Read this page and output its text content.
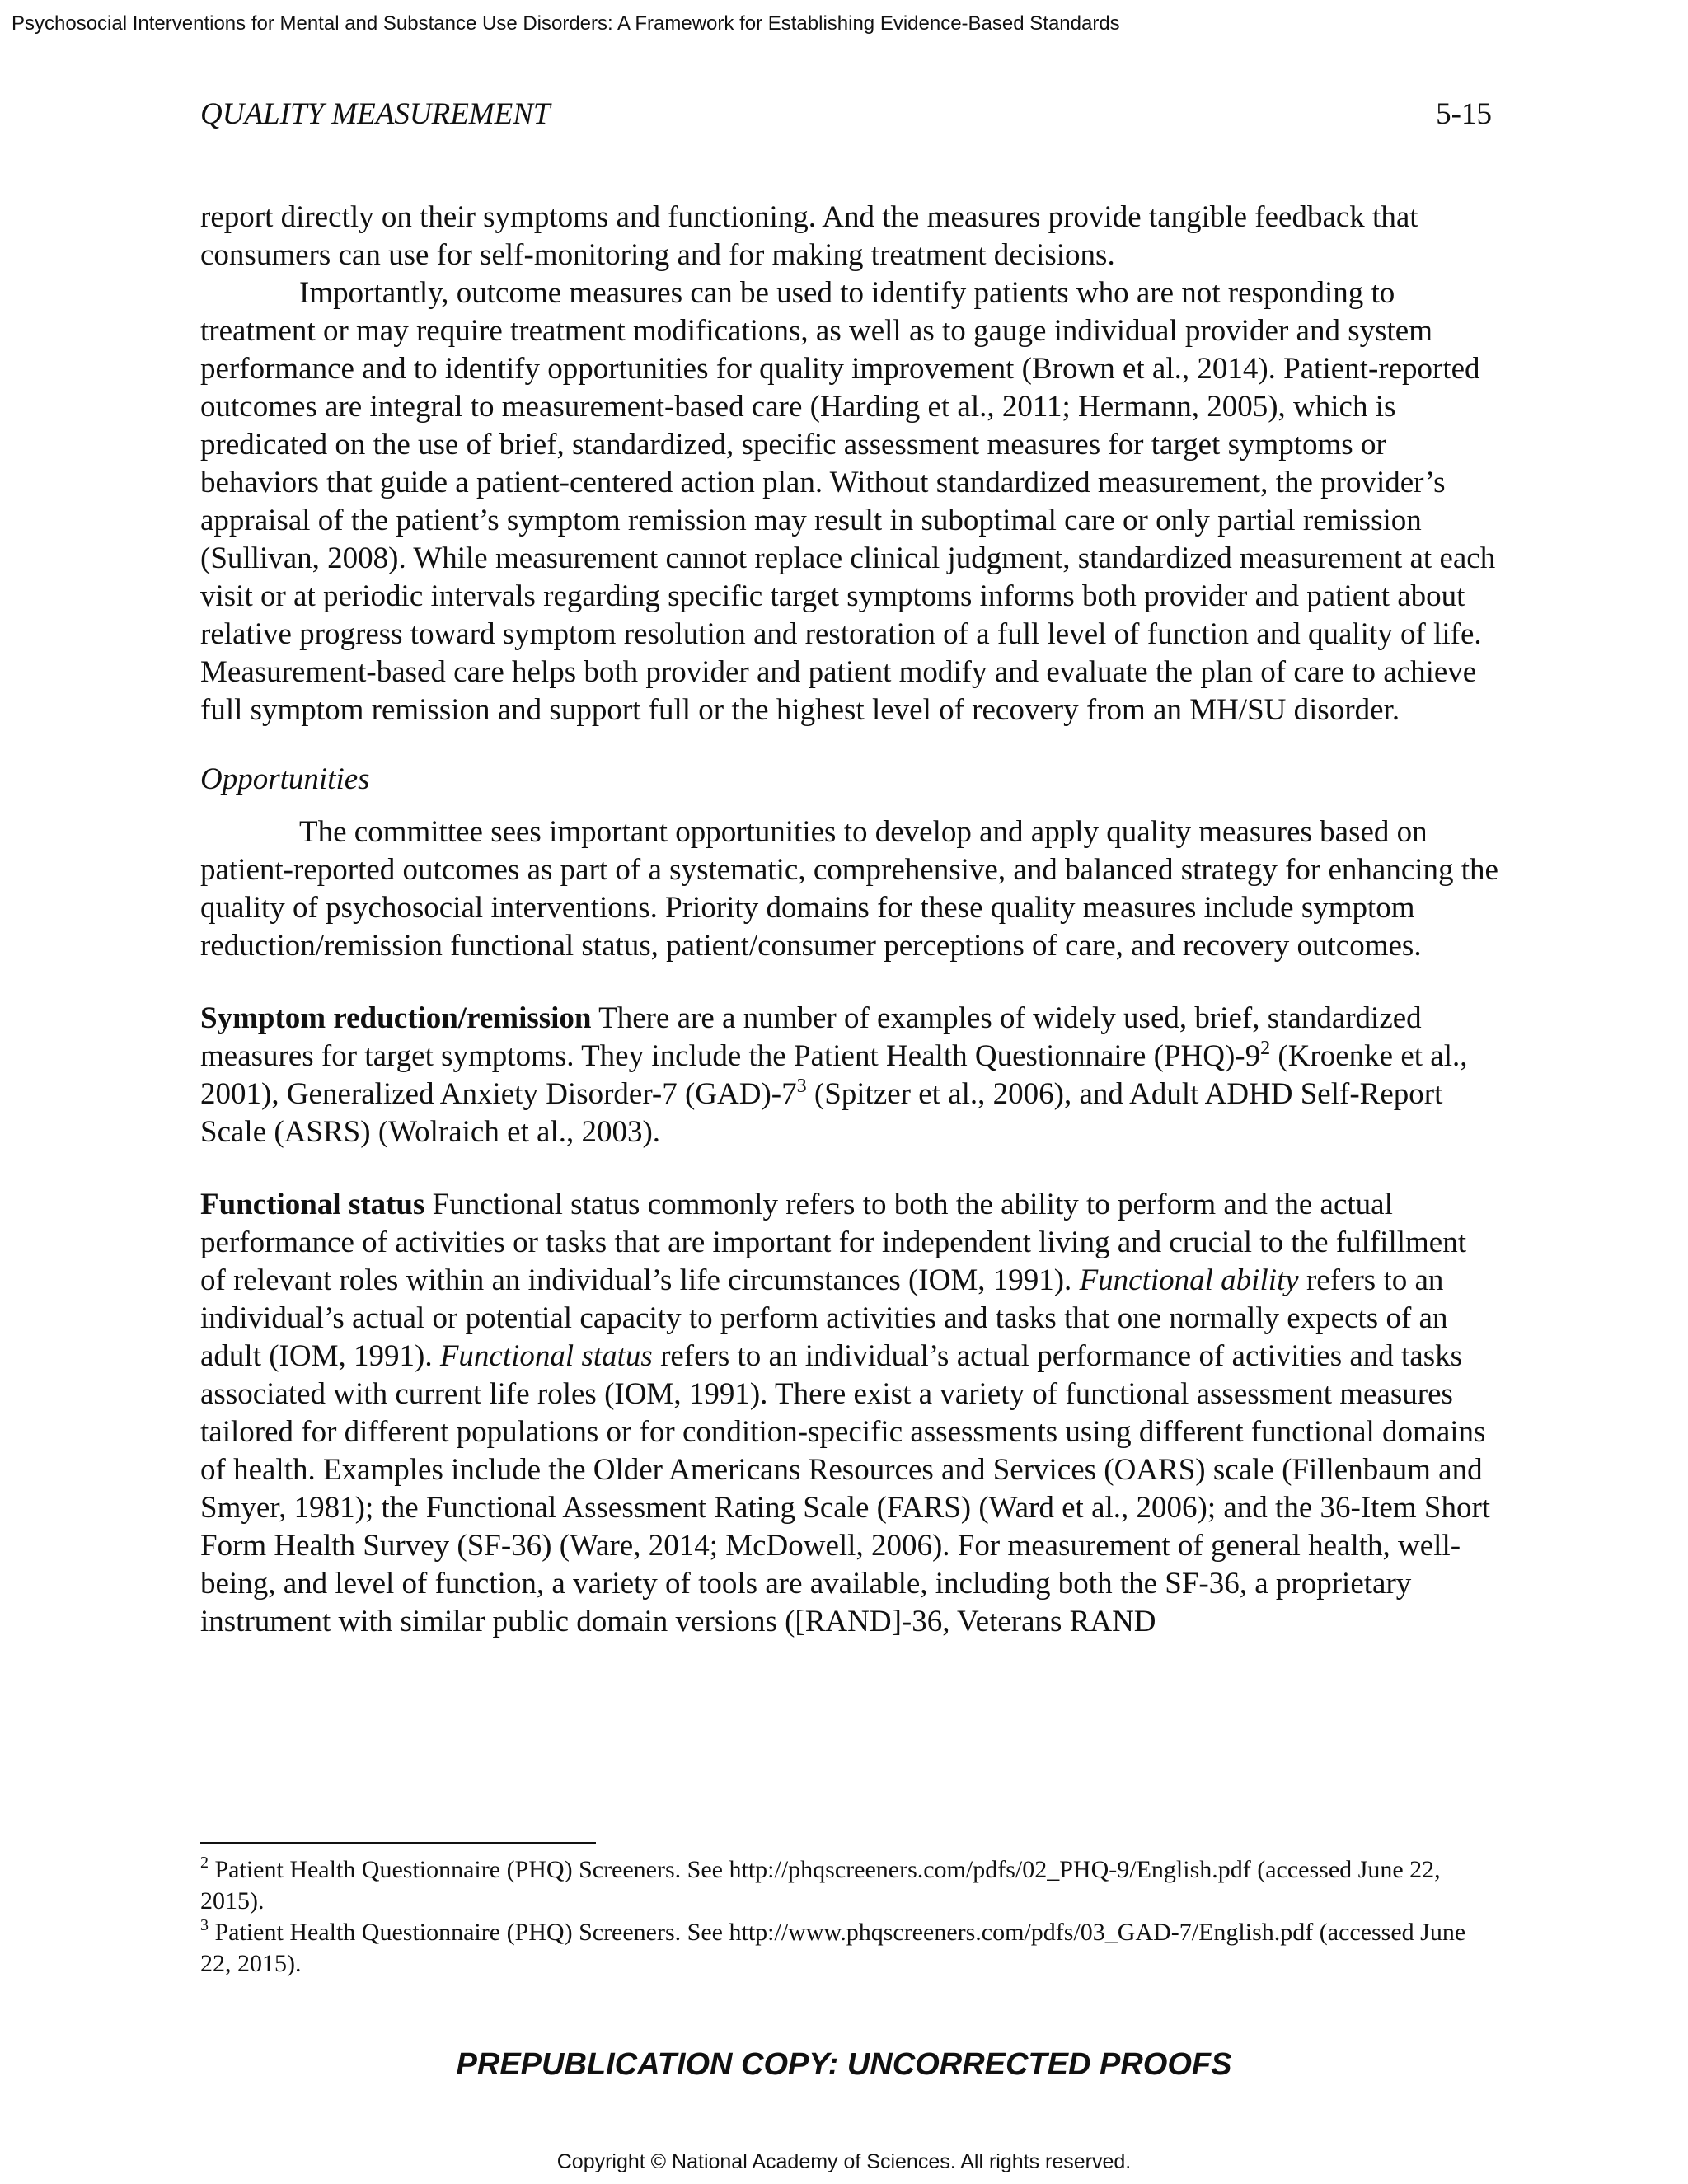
Psychosocial Interventions for Mental and Substance Use Disorders: A Framework for Establishing Evidence-Based Standards
QUALITY MEASUREMENT	5-15

report directly on their symptoms and functioning. And the measures provide tangible feedback that consumers can use for self-monitoring and for making treatment decisions.

Importantly, outcome measures can be used to identify patients who are not responding to treatment or may require treatment modifications, as well as to gauge individual provider and system performance and to identify opportunities for quality improvement (Brown et al., 2014). Patient-reported outcomes are integral to measurement-based care (Harding et al., 2011; Hermann, 2005), which is predicated on the use of brief, standardized, specific assessment measures for target symptoms or behaviors that guide a patient-centered action plan. Without standardized measurement, the provider’s appraisal of the patient’s symptom remission may result in suboptimal care or only partial remission (Sullivan, 2008). While measurement cannot replace clinical judgment, standardized measurement at each visit or at periodic intervals regarding specific target symptoms informs both provider and patient about relative progress toward symptom resolution and restoration of a full level of function and quality of life. Measurement-based care helps both provider and patient modify and evaluate the plan of care to achieve full symptom remission and support full or the highest level of recovery from an MH/SU disorder.

Opportunities

The committee sees important opportunities to develop and apply quality measures based on patient-reported outcomes as part of a systematic, comprehensive, and balanced strategy for enhancing the quality of psychosocial interventions. Priority domains for these quality measures include symptom reduction/remission functional status, patient/consumer perceptions of care, and recovery outcomes.

Symptom reduction/remission There are a number of examples of widely used, brief, standardized measures for target symptoms. They include the Patient Health Questionnaire $(PHQ)-9^2$ (Kroenke et al., 2001), Generalized Anxiety Disorder-7 $(GAD)-7^3$ (Spitzer et al., 2006), and Adult ADHD Self-Report Scale (ASRS) (Wolraich et al., 2003).

Functional status Functional status commonly refers to both the ability to perform and the actual performance of activities or tasks that are important for independent living and crucial to the fulfillment of relevant roles within an individual’s life circumstances (IOM, 1991). Functional ability refers to an individual’s actual or potential capacity to perform activities and tasks that one normally expects of an adult (IOM, 1991). Functional status refers to an individual’s actual performance of activities and tasks associated with current life roles (IOM, 1991). There exist a variety of functional assessment measures tailored for different populations or for condition-specific assessments using different functional domains of health. Examples include the Older Americans Resources and Services (OARS) scale (Fillenbaum and Smyer, 1981); the Functional Assessment Rating Scale (FARS) (Ward et al., 2006); and the 36-Item Short Form Health Survey (SF-36) (Ware, 2014; McDowell, 2006). For measurement of general health, well-being, and level of function, a variety of tools are available, including both the SF-36, a proprietary instrument with similar public domain versions ([RAND]-36, Veterans RAND

$^2$ Patient Health Questionnaire (PHQ) Screeners. See http://phqscreeners.com/pdfs/02_PHQ-9/English.pdf (accessed June 22, 2015).

$^3$ Patient Health Questionnaire (PHQ) Screeners. See http://www.phqscreeners.com/pdfs/03_GAD-7/English.pdf (accessed June 22, 2015).

PREPUBLICATION COPY: UNCORRECTED PROOFS
Copyright © National Academy of Sciences. All rights reserved.
